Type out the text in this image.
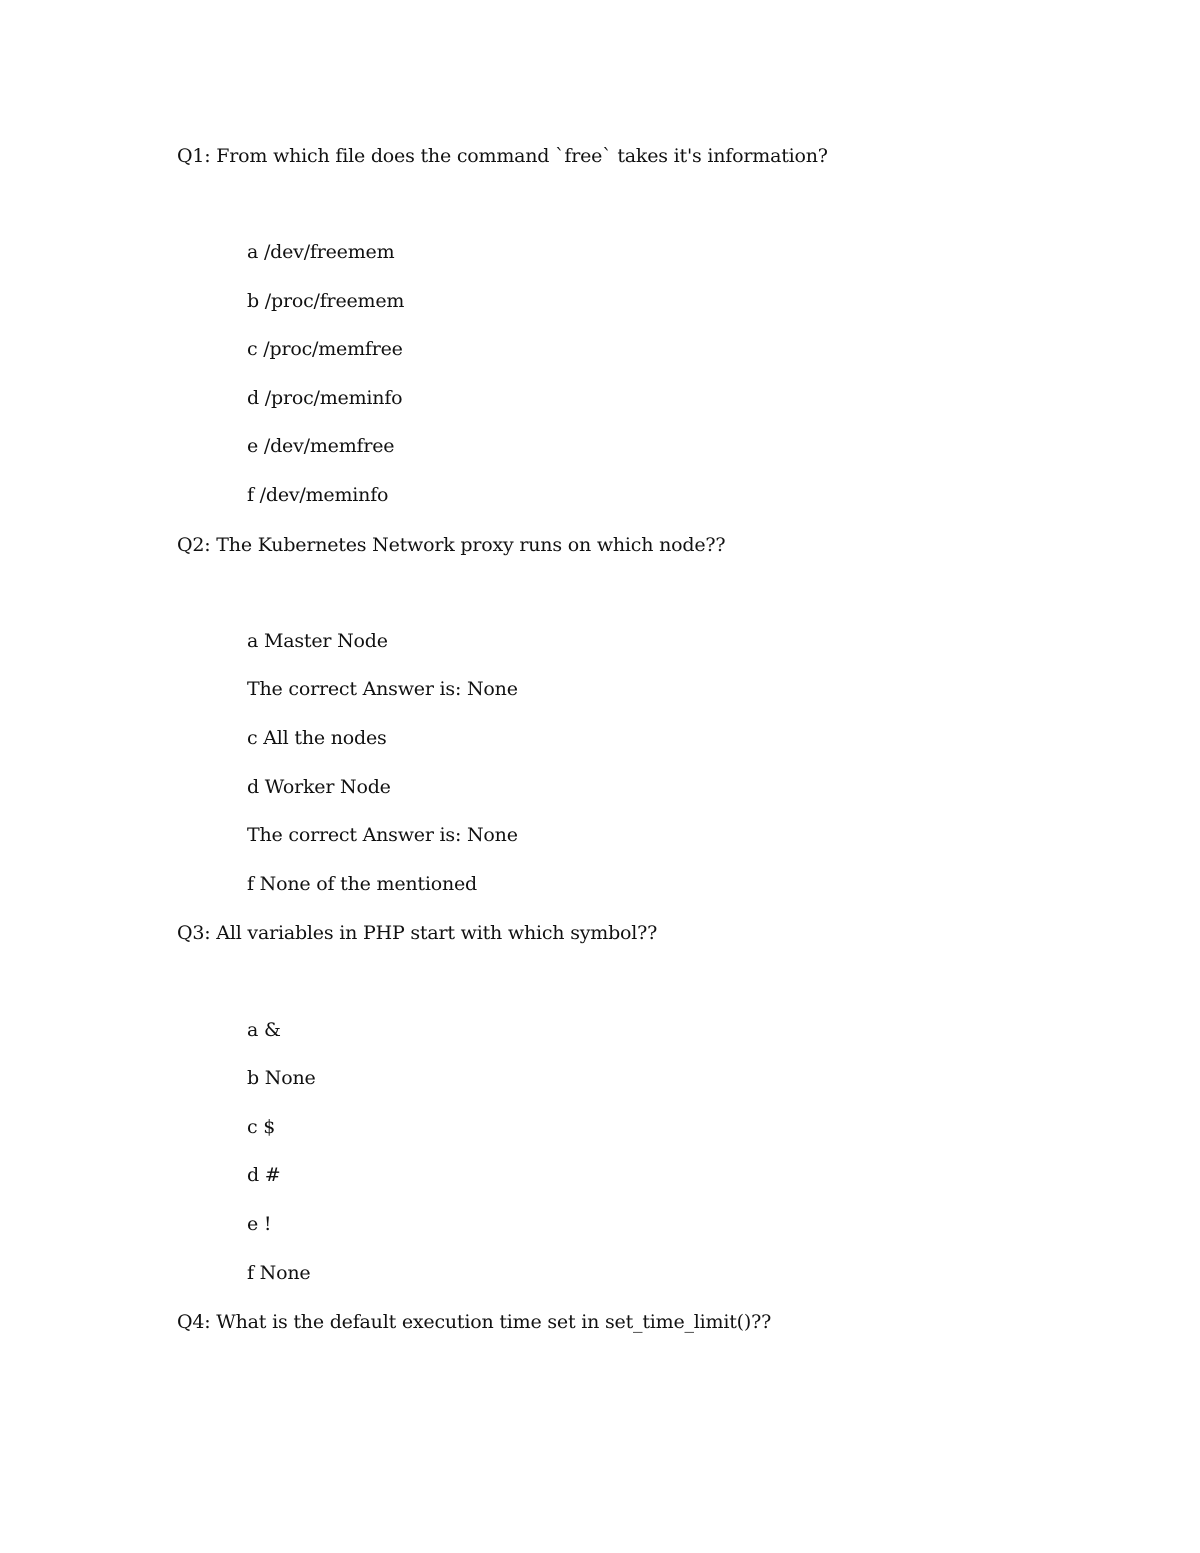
Q1: From which file does the command `free` takes it's information?
a /dev/freemem
b /proc/freemem
c /proc/memfree
d /proc/meminfo
e /dev/memfree
f /dev/meminfo
Q2: The Kubernetes Network proxy runs on which node??
a Master Node
The correct Answer is: None
c All the nodes
d Worker Node
The correct Answer is: None
f None of the mentioned
Q3: All variables in PHP start with which symbol??
a &
b None
c $
d #
e !
f None
Q4: What is the default execution time set in set_time_limit()??
